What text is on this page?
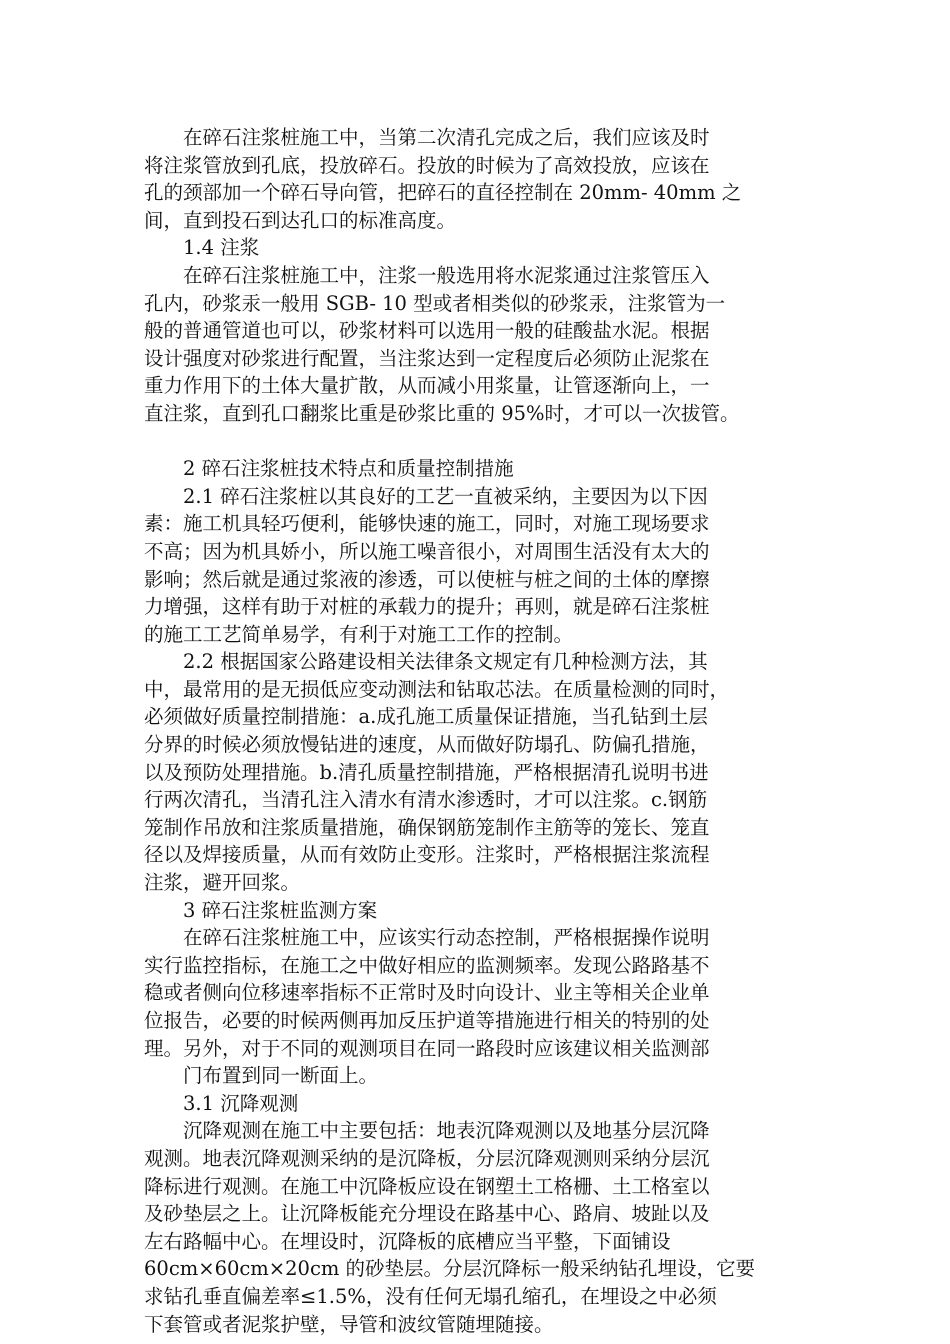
　　在碎石注浆桩施工中，当第二次清孔完成之后，我们应该及时
将注浆管放到孔底，投放碎石。投放的时候为了高效投放，应该在
孔的颈部加一个碎石导向管，把碎石的直径控制在 20mm- 40mm 之
间，直到投石到达孔口的标准高度。
　　1.4 注浆
　　在碎石注浆桩施工中，注浆一般选用将水泥浆通过注浆管压入
孔内，砂浆汞一般用 SGB- 10 型或者相类似的砂浆汞，注浆管为一
般的普通管道也可以，砂浆材料可以选用一般的硅酸盐水泥。根据
设计强度对砂浆进行配置，当注浆达到一定程度后必须防止泥浆在
重力作用下的土体大量扩散，从而减小用浆量，让管逐渐向上，一
直注浆，直到孔口翻浆比重是砂浆比重的 95%时，才可以一次拔管。
　　2 碎石注浆桩技术特点和质量控制措施
　　2.1 碎石注浆桩以其良好的工艺一直被采纳，主要因为以下因
素：施工机具轻巧便利，能够快速的施工，同时，对施工现场要求
不高；因为机具娇小，所以施工噪音很小，对周围生活没有太大的
影响；然后就是通过浆液的渗透，可以使桩与桩之间的土体的摩擦
力增强，这样有助于对桩的承载力的提升；再则，就是碎石注浆桩
的施工工艺简单易学，有利于对施工工作的控制。
　　2.2 根据国家公路建设相关法律条文规定有几种检测方法，其
中，最常用的是无损低应变动测法和钻取芯法。在质量检测的同时，
必须做好质量控制措施：a.成孔施工质量保证措施，当孔钻到土层
分界的时候必须放慢钻进的速度，从而做好防塌孔、防偏孔措施，
以及预防处理措施。b.清孔质量控制措施，严格根据清孔说明书进
行两次清孔，当清孔注入清水有清水渗透时，才可以注浆。c.钢筋
笼制作吊放和注浆质量措施，确保钢筋笼制作主筋等的笼长、笼直
径以及焊接质量，从而有效防止变形。注浆时，严格根据注浆流程
注浆，避开回浆。
　　3 碎石注浆桩监测方案
　　在碎石注浆桩施工中，应该实行动态控制，严格根据操作说明
实行监控指标，在施工之中做好相应的监测频率。发现公路路基不
稳或者侧向位移速率指标不正常时及时向设计、业主等相关企业单
位报告，必要的时候两侧再加反压护道等措施进行相关的特别的处
理。另外，对于不同的观测项目在同一路段时应该建议相关监测部
　　门布置到同一断面上。
　　3.1 沉降观测
　　沉降观测在施工中主要包括：地表沉降观测以及地基分层沉降
观测。地表沉降观测采纳的是沉降板，分层沉降观测则采纳分层沉
降标进行观测。在施工中沉降板应设在钢塑土工格栅、土工格室以
及砂垫层之上。让沉降板能充分埋设在路基中心、路肩、坡趾以及
左右路幅中心。在埋设时，沉降板的底槽应当平整，下面铺设
60cm×60cm×20cm 的砂垫层。分层沉降标一般采纳钻孔埋设，它要
求钻孔垂直偏差率≤1.5%，没有任何无塌孔缩孔，在埋设之中必须
下套管或者泥浆护壁，导管和波纹管随埋随接。
